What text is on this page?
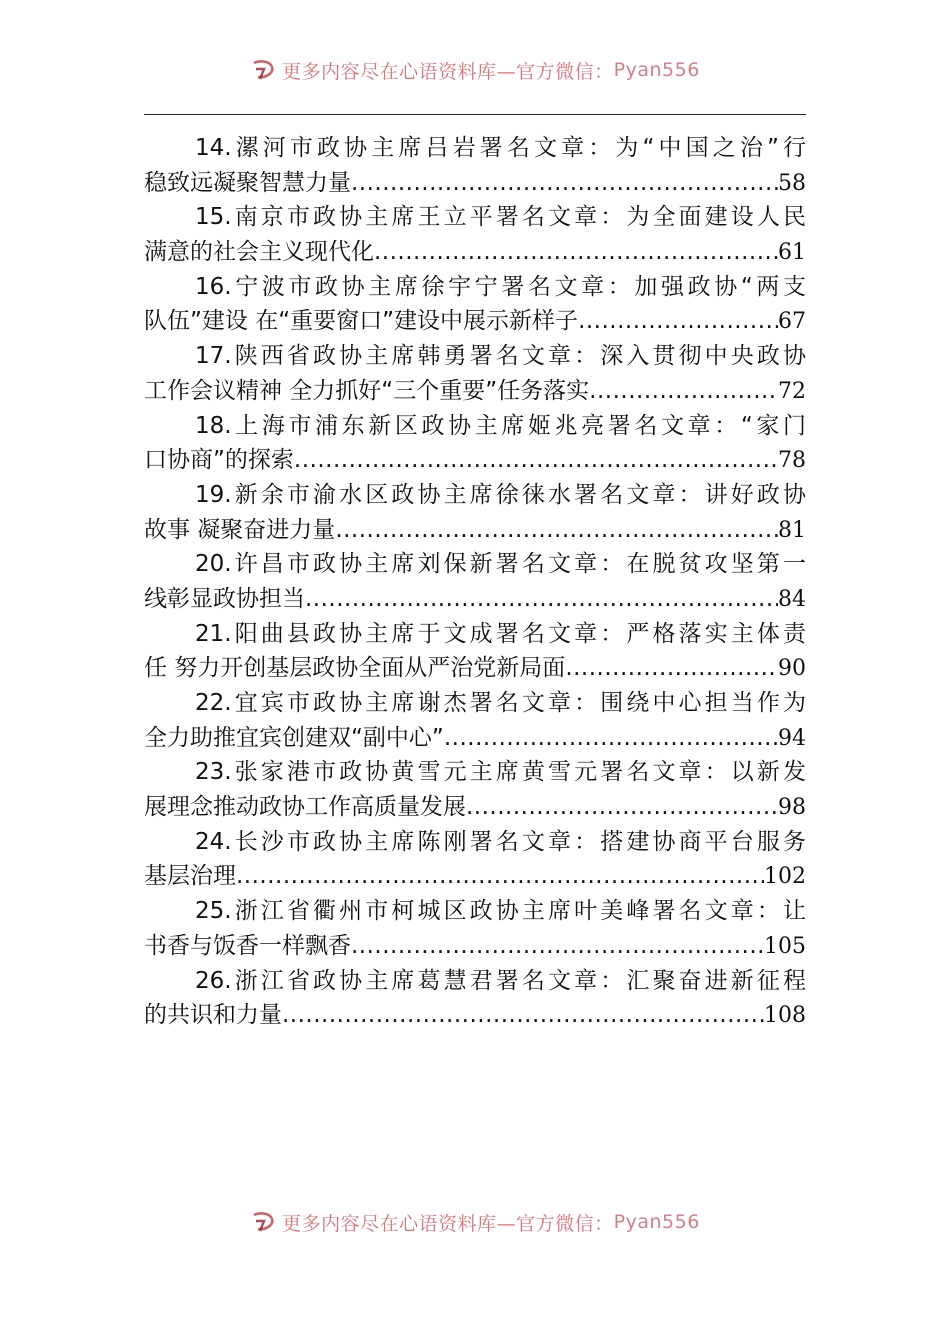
更多内容尽在心语资料库—官方微信： Pyan556
14.漯河市政协主席吕岩署名文章：为“中国之治”行
稳致远凝聚智慧力量 .....	58
15.南京市政协主席王立平署名文章：为全面建设人民
满意的社会主义现代化 .....	61
16.宁波市政协主席徐宇宁署名文章：加强政协“两支
队伍”建设 在“重要窗口”建设中展示新样子 .....	67
17.陕西省政协主席韩勇署名文章：深入贯彻中央政协
工作会议精神 全力抓好“三个重要”任务落实 .....	72
18.上海市浦东新区政协主席姬兆亮署名文章：“家门
口协商”的探索 .....	78
19.新余市渝水区政协主席徐徕水署名文章：讲好政协
故事 凝聚奋进力量 .....	81
20.许昌市政协主席刘保新署名文章：在脱贫攻坚第一
线彰显政协担当 .....	84
21.阳曲县政协主席于文成署名文章：严格落实主体责
任 努力开创基层政协全面从严治党新局面 .....	90
22.宜宾市政协主席谢杰署名文章：围绕中心担当作为
全力助推宜宾创建双“副中心” .....	94
23.张家港市政协黄雪元主席黄雪元署名文章：以新发
展理念推动政协工作高质量发展 .....	98
24.长沙市政协主席陈刚署名文章：搭建协商平台服务
基层治理 .....	102
25.浙江省衢州市柯城区政协主席叶美峰署名文章：让
书香与饭香一样飘香 .....	105
26.浙江省政协主席葛慧君署名文章：汇聚奋进新征程
的共识和力量 .....	108
更多内容尽在心语资料库—官方微信： Pyan556
